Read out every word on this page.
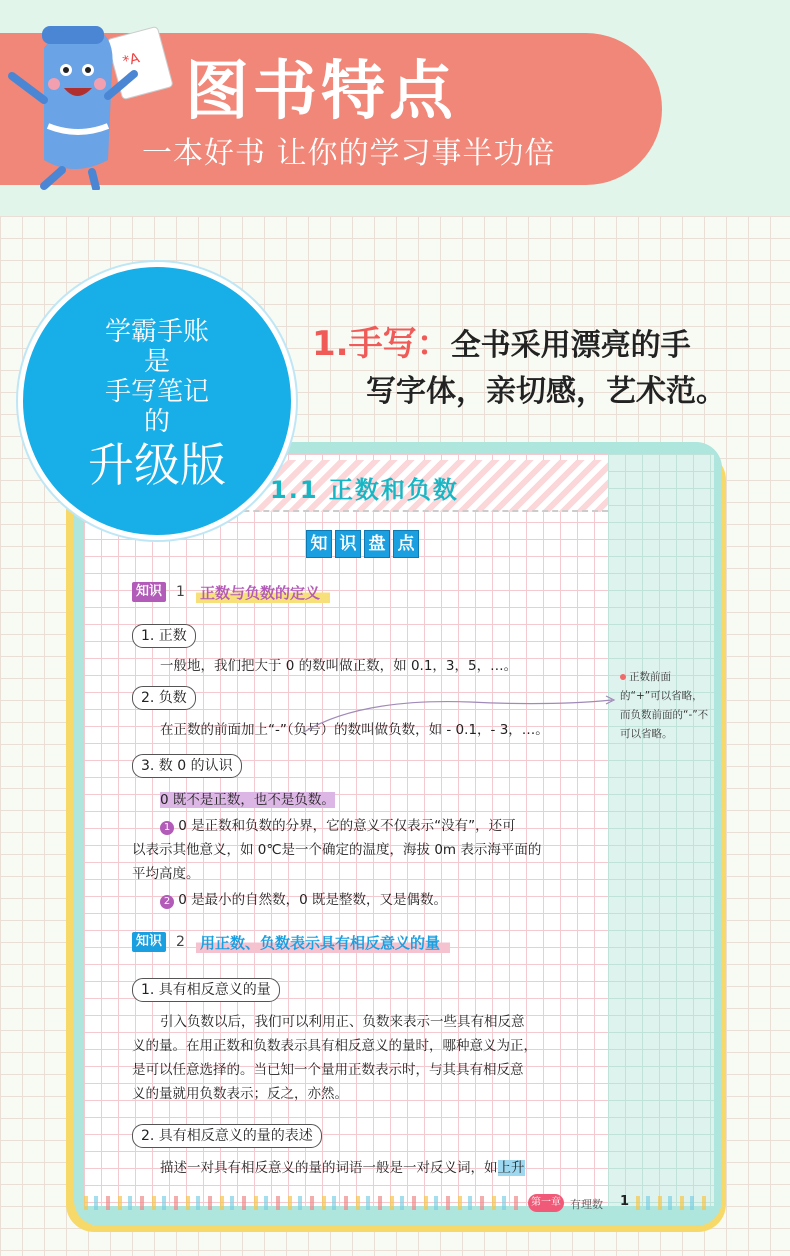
*A 图书特点
一本好书 让你的学习事半功倍
学霸手账
是
手写笔记
的
升级版
1.手写：全书采用漂亮的手
写字体，亲切感，艺术范。
1.1 正数和负数
知 识 盘 点
知识 1 正数与负数的定义
1. 正数
一般地，我们把大于 0 的数叫做正数，如 0.1，3，5，…。
2. 负数
在正数的前面加上“-”（负号）的数叫做负数，如 - 0.1，- 3，…。
3. 数 0 的认识
0 既不是正数，也不是负数。
1 0 是正数和负数的分界，它的意义不仅表示“没有”，还可
以表示其他意义，如 0℃是一个确定的温度，海拔 0m 表示海平面的
平均高度。
2 0 是最小的自然数，0 既是整数，又是偶数。
知识 2 用正数、负数表示具有相反意义的量
1. 具有相反意义的量
引入负数以后，我们可以利用正、负数来表示一些具有相反意
义的量。在用正数和负数表示具有相反意义的量时，哪种意义为正，
是可以任意选择的。当已知一个量用正数表示时，与其具有相反意
义的量就用负数表示；反之，亦然。
2. 具有相反意义的量的表述
描述一对具有相反意义的量的词语一般是一对反义词，如上升
正数前面的“+”可以省略，而负数前面的“-”不可以省略。
第一章 有理数 1
